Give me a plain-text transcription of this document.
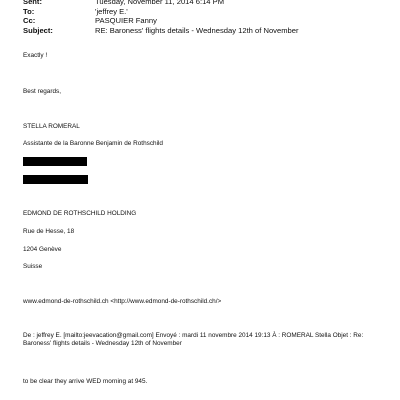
Sent:	Tuesday, November 11, 2014 6:14 PM
To:	'jeffrey E.'
Cc:	PASQUIER Fanny
Subject:	RE: Baroness' flights details - Wednesday 12th of November
Exactly !
Best regards,
STELLA ROMERAL
Assistante de la Baronne Benjamin de Rothschild
EDMOND DE ROTHSCHILD HOLDING
Rue de Hesse, 18
1204 Genève
Suisse
www.edmond-de-rothschild.ch <http://www.edmond-de-rothschild.ch/>
De : jeffrey E. [mailto:jeevacation@gmail.com] Envoyé : mardi 11 novembre 2014 19:13 À : ROMERAL Stella Objet : Re: Baroness' flights details - Wednesday 12th of November
to be clear they arrive WED morning at 945.
